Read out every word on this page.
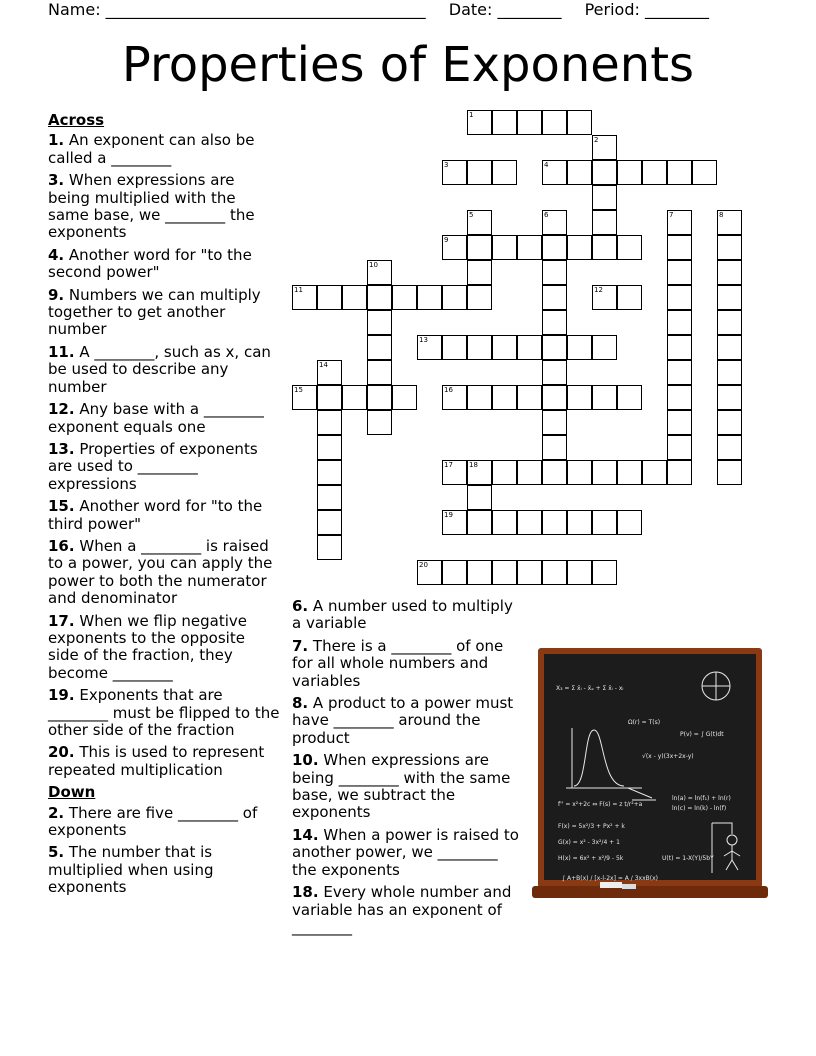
Name: ________________________________________ Date: ________ Period: ________
Properties of Exponents
Across
1. An exponent can also be called a ________
3. When expressions are being multiplied with the same base, we ________ the exponents
4. Another word for "to the second power"
9. Numbers we can multiply together to get another number
11. A ________, such as x, can be used to describe any number
12. Any base with a ________ exponent equals one
13. Properties of exponents are used to ________ expressions
15. Another word for "to the third power"
16. When a ________ is raised to a power, you can apply the power to both the numerator and denominator
17. When we flip negative exponents to the opposite side of the fraction, they become ________
19. Exponents that are ________ must be flipped to the other side of the fraction
20. This is used to represent repeated multiplication
Down
2. There are five ________ of exponents
5. The number that is multiplied when using exponents
6. A number used to multiply a variable
7. There is a ________ of one for all whole numbers and variables
8. A product to a power must have ________ around the product
10. When expressions are being ________ with the same base, we subtract the exponents
14. When a power is raised to another power, we ________ the exponents
18. Every whole number and variable has an exponent of ________
1
2
3	4
5	6	7	8
9
10
11	12
13
14
15	16
17 18
19
20
X₃ = Σ x̄ᵢ - x̄ₔ + Σ x̄ᵢ - xᵢ
Ω(r) = T(s)
P(v) = ∫ G(t)dt
√(x - y)(3x+2x-y)
f'' = x²+2c ⇔ F(s) = z t/r²+a
ln(a) = ln(f₁) + ln(r)
ln(c) = ln(k) - ln(f)
F(x) = 5x²/3 + Px² + k
G(x) = x² - 3x²/4 + 1
H(x) = 6x² + x²/9 - 5k	U(t) = 1-X(Y)/5bY
∫ A+B(x) / [x-l-2x] = A / 3xxB(x)
